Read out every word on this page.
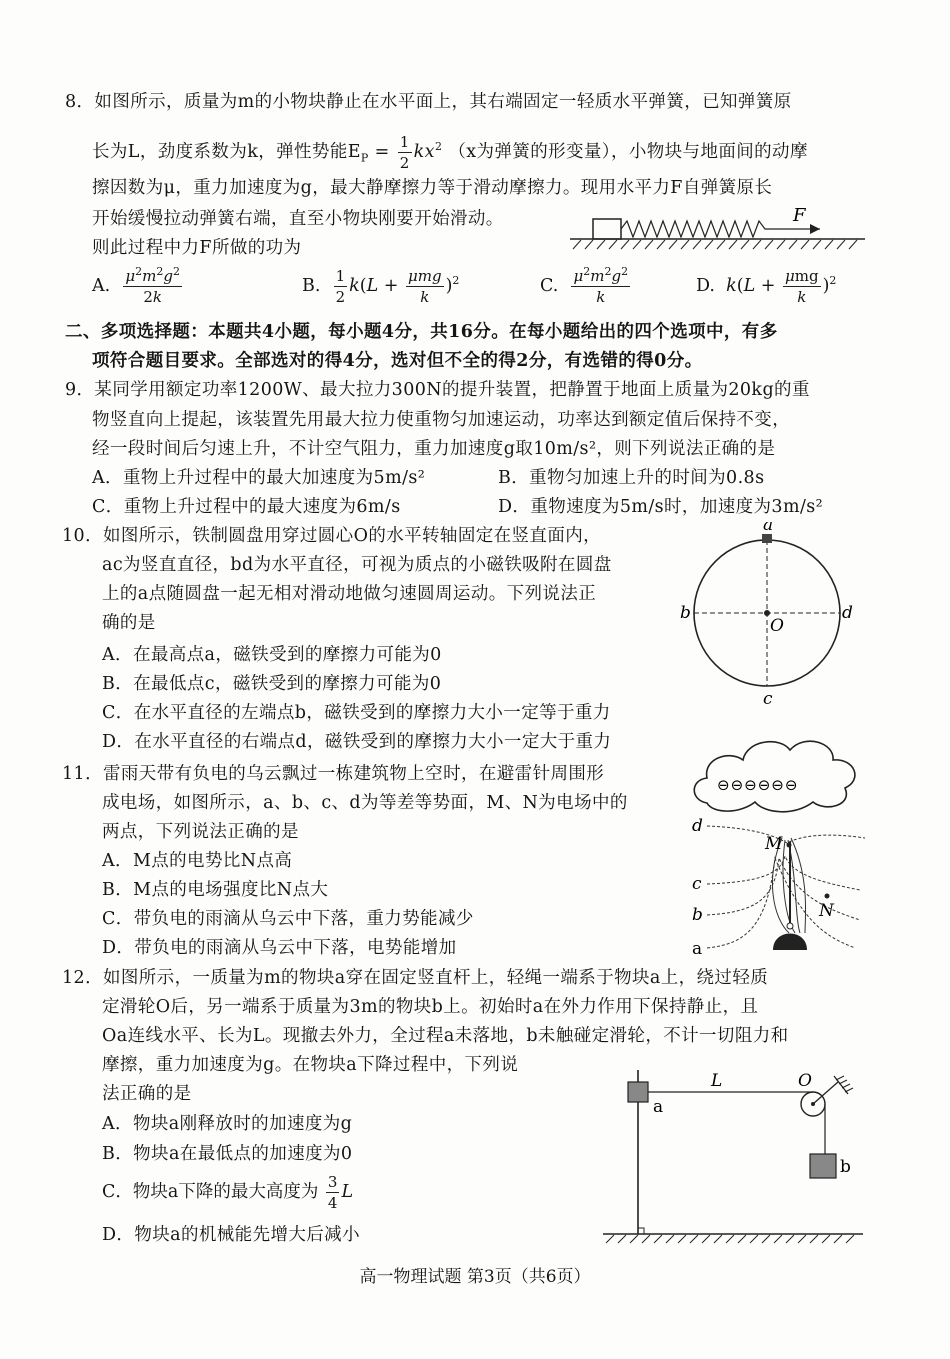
8．如图所示，质量为m的小物块静止在水平面上，其右端固定一轻质水平弹簧，已知弹簧原
长为L，劲度系数为k，弹性势能$E_P = \frac{1}{2} kx^2$ （x为弹簧的形变量），小物块与地面间的动摩
擦因数为μ，重力加速度为g，最大静摩擦力等于滑动摩擦力。现用水平力F自弹簧原长
开始缓慢拉动弹簧右端，直至小物块刚要开始滑动。
则此过程中力F所做的功为
F
A. $\frac{\mu^2m^2g^2}{2k}$	B. $\frac{1}{2} k(L + \frac{\text{μmg}}{k} )^2$	C. $\frac{\mu^2m^2g^2}{k}$	D. $k(L + \frac{\text{μmg}}{k} )^2$
二、多项选择题：本题共4小题，每小题4分，共16分。在每小题给出的四个选项中，有多
项符合题目要求。全部选对的得4分，选对但不全的得2分，有选错的得0分。
9．某同学用额定功率1200W、最大拉力300N的提升装置，把静置于地面上质量为20kg的重
物竖直向上提起，该装置先用最大拉力使重物匀加速运动，功率达到额定值后保持不变，
经一段时间后匀速上升，不计空气阻力，重力加速度g取10m/s²，则下列说法正确的是
A．重物上升过程中的最大加速度为5m/s²	B．重物匀加速上升的时间为0.8s
C．重物上升过程中的最大速度为6m/s	D．重物速度为5m/s时，加速度为3m/s²
10．如图所示，铁制圆盘用穿过圆心O的水平转轴固定在竖直面内，
ac为竖直直径，bd为水平直径，可视为质点的小磁铁吸附在圆盘
上的a点随圆盘一起无相对滑动地做匀速圆周运动。下列说法正
确的是
A．在最高点a，磁铁受到的摩擦力可能为0
B．在最低点c，磁铁受到的摩擦力可能为0
C．在水平直径的左端点b，磁铁受到的摩擦力大小一定等于重力
D．在水平直径的右端点d，磁铁受到的摩擦力大小一定大于重力
a
b
c
d
O
11．雷雨天带有负电的乌云飘过一栋建筑物上空时，在避雷针周围形
成电场，如图所示，a、b、c、d为等差等势面，M、N为电场中的
两点，下列说法正确的是
A．M点的电势比N点高
B．M点的电场强度比N点大
C．带负电的雨滴从乌云中下落，重力势能减少
D．带负电的雨滴从乌云中下落，电势能增加
⊖⊖⊖⊖⊖⊖
d
c
b
a
M
N
12．如图所示，一质量为m的物块a穿在固定竖直杆上，轻绳一端系于物块a上，绕过轻质
定滑轮O后，另一端系于质量为3m的物块b上。初始时a在外力作用下保持静止，且
Oa连线水平、长为L。现撤去外力，全过程a未落地，b未触碰定滑轮，不计一切阻力和
摩擦，重力加速度为g。在物块a下降过程中，下列说
法正确的是
A．物块a刚释放时的加速度为g
B．物块a在最低点的加速度为0
C．物块a下降的最大高度为 $\frac{3}{4}$ L
D．物块a的机械能先增大后减小
L	O
a
b
高一物理试题 第3页（共6页）
